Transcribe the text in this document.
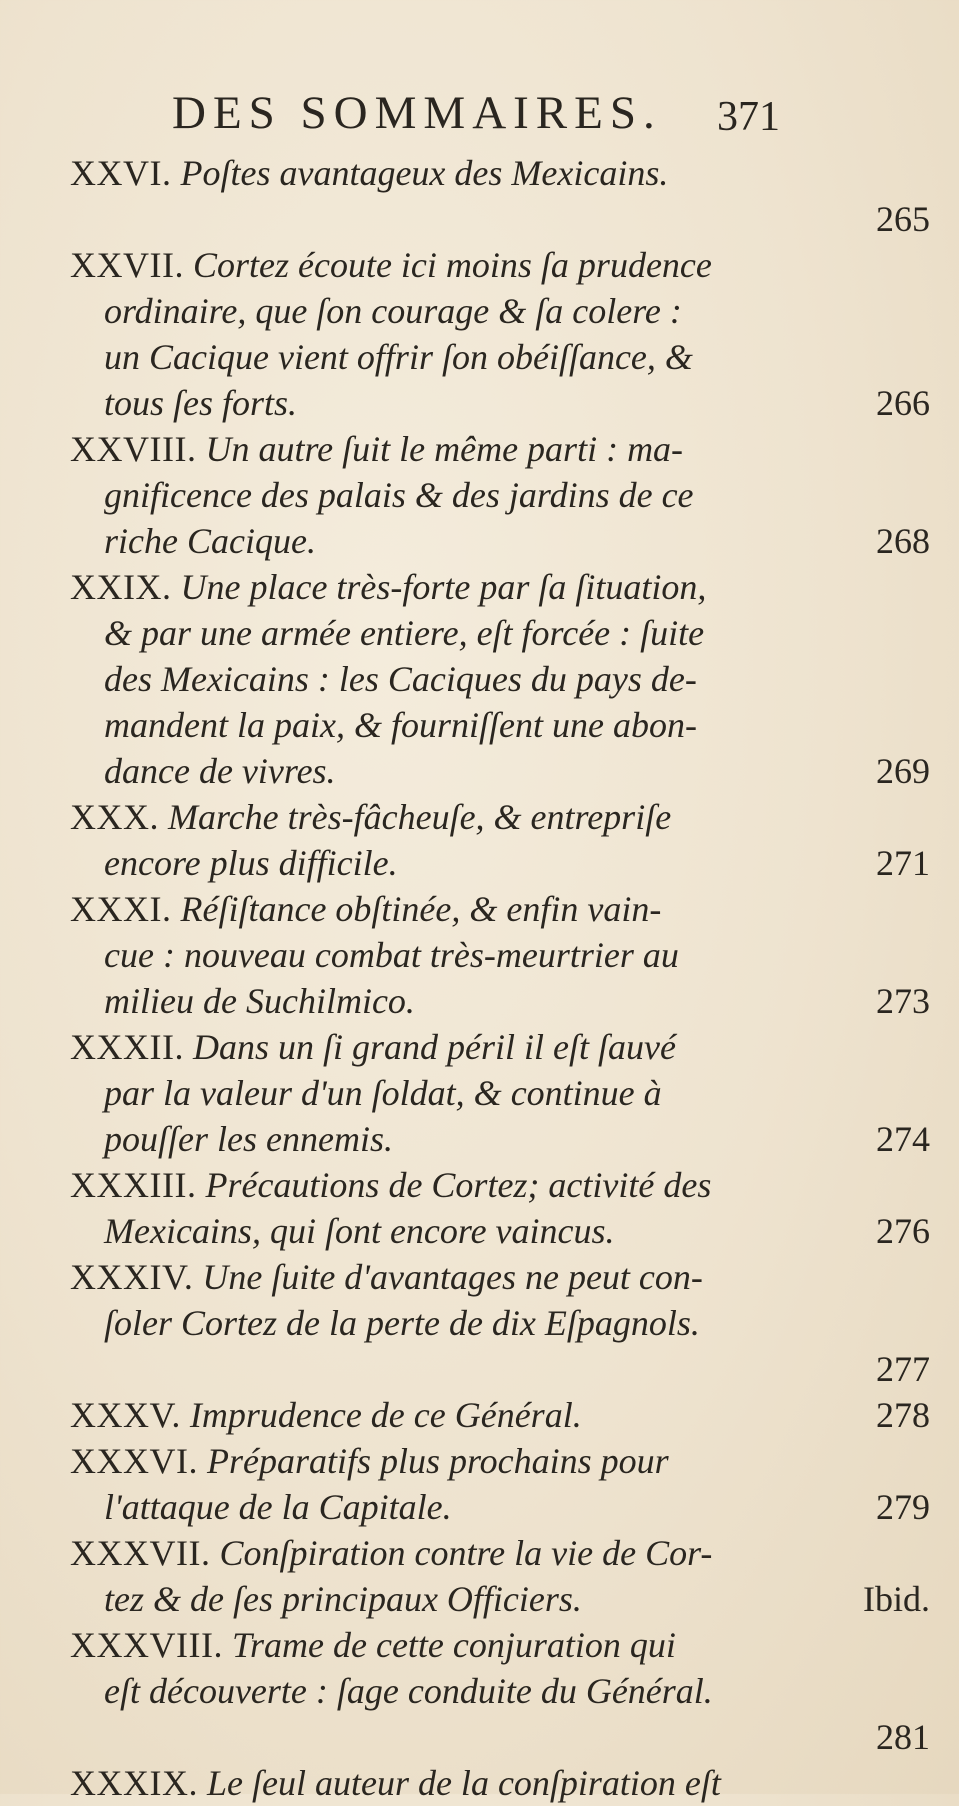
DES SOMMAIRES. 371
XXVI. Poſtes avantageux des Mexicains.
265
XXVII. Cortez écoute ici moins ſa prudence
ordinaire, que ſon courage & ſa colere :
un Cacique vient offrir ſon obéiſſance, &
tous ſes forts.	266
XXVIII. Un autre ſuit le même parti : ma-
gnificence des palais & des jardins de ce
riche Cacique.	268
XXIX. Une place très-forte par ſa ſituation,
& par une armée entiere, eſt forcée : ſuite
des Mexicains : les Caciques du pays de-
mandent la paix, & fourniſſent une abon-
dance de vivres.	269
XXX. Marche très-fâcheuſe, & entrepriſe
encore plus difficile.	271
XXXI. Réſiſtance obſtinée, & enfin vain-
cue : nouveau combat très-meurtrier au
milieu de Suchilmico.	273
XXXII. Dans un ſi grand péril il eſt ſauvé
par la valeur d'un ſoldat, & continue à
pouſſer les ennemis.	274
XXXIII. Précautions de Cortez; activité des
Mexicains, qui ſont encore vaincus.	276
XXXIV. Une ſuite d'avantages ne peut con-
ſoler Cortez de la perte de dix Eſpagnols.
277
XXXV. Imprudence de ce Général.	278
XXXVI. Préparatifs plus prochains pour
l'attaque de la Capitale.	279
XXXVII. Conſpiration contre la vie de Cor-
tez & de ſes principaux Officiers.	Ibid.
XXXVIII. Trame de cette conjuration qui
eſt découverte : ſage conduite du Général.
281
XXXIX. Le ſeul auteur de la conſpiration eſt
